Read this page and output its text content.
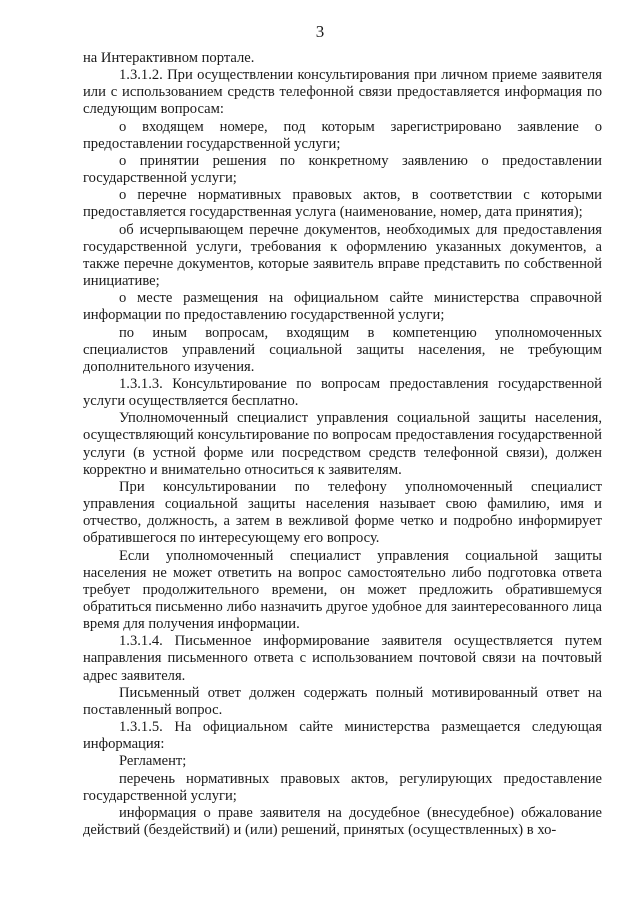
3

на Интерактивном портале.

1.3.1.2. При осуществлении консультирования при личном приеме заявителя или с использованием средств телефонной связи предоставляется информация по следующим вопросам:

о входящем номере, под которым зарегистрировано заявление о предоставлении государственной услуги;

о принятии решения по конкретному заявлению о предоставлении государственной услуги;

о перечне нормативных правовых актов, в соответствии с которыми предоставляется государственная услуга (наименование, номер, дата принятия);

об исчерпывающем перечне документов, необходимых для предоставления государственной услуги, требования к оформлению указанных документов, а также перечне документов, которые заявитель вправе представить по собственной инициативе;

о месте размещения на официальном сайте министерства справочной информации по предоставлению государственной услуги;

по иным вопросам, входящим в компетенцию уполномоченных специалистов управлений социальной защиты населения, не требующим дополнительного изучения.

1.3.1.3. Консультирование по вопросам предоставления государственной услуги осуществляется бесплатно.

Уполномоченный специалист управления социальной защиты населения, осуществляющий консультирование по вопросам предоставления государственной услуги (в устной форме или посредством средств телефонной связи), должен корректно и внимательно относиться к заявителям.

При консультировании по телефону уполномоченный специалист управления социальной защиты населения называет свою фамилию, имя и отчество, должность, а затем в вежливой форме четко и подробно информирует обратившегося по интересующему его вопросу.

Если уполномоченный специалист управления социальной защиты населения не может ответить на вопрос самостоятельно либо подготовка ответа требует продолжительного времени, он может предложить обратившемуся обратиться письменно либо назначить другое удобное для заинтересованного лица время для получения информации.

1.3.1.4. Письменное информирование заявителя осуществляется путем направления письменного ответа с использованием почтовой связи на почтовый адрес заявителя.

Письменный ответ должен содержать полный мотивированный ответ на поставленный вопрос.

1.3.1.5. На официальном сайте министерства размещается следующая информация:

Регламент;

перечень нормативных правовых актов, регулирующих предоставление государственной услуги;

информация о праве заявителя на досудебное (внесудебное) обжалование действий (бездействий) и (или) решений, принятых (осуществленных) в хо-
